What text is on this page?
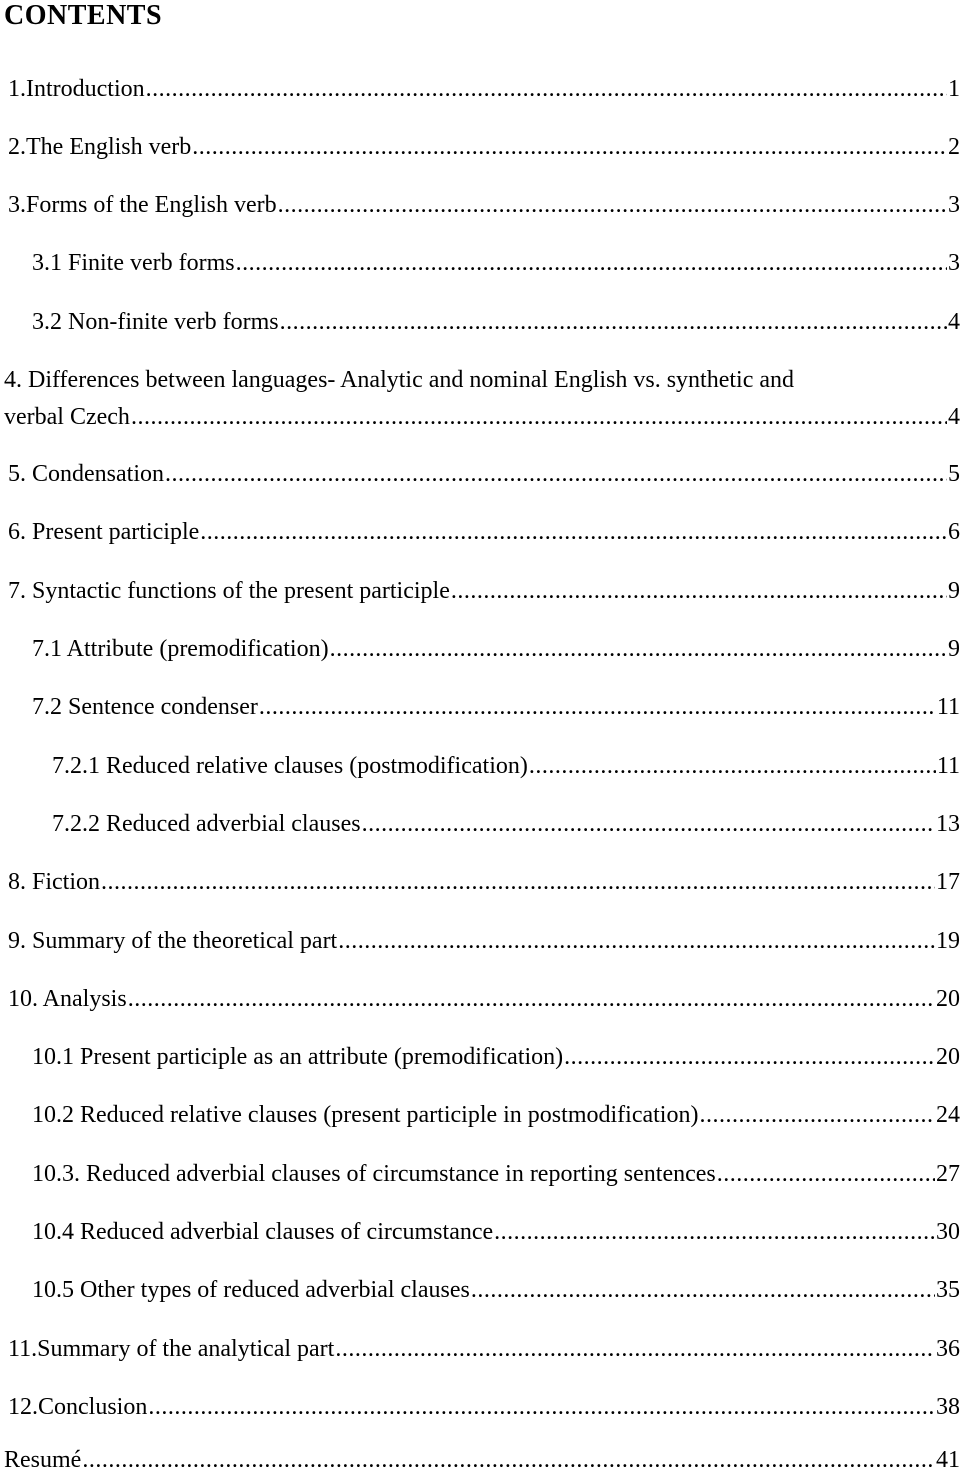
CONTENTS
1. Introduction .....	1
2. The English verb .....	2
3. Forms of the English verb .....	3
3.1 Finite verb forms .....	3
3.2 Non-finite verb forms .....	4
4. Differences between languages- Analytic and nominal English vs. synthetic and
verbal Czech .....	4
5. Condensation .....	5
6. Present participle .....	6
7. Syntactic functions of the present participle .....	9
7.1 Attribute (premodification) .....	9
7.2 Sentence condenser .....	11
7.2.1 Reduced relative clauses (postmodification) .....	11
7.2.2 Reduced adverbial clauses .....	13
8. Fiction .....	17
9. Summary of the theoretical part .....	19
10. Analysis .....	20
10.1 Present participle as an attribute (premodification) .....	20
10.2 Reduced relative clauses (present participle in postmodification) .....	24
10.3. Reduced adverbial clauses of circumstance in reporting sentences .....	27
10.4 Reduced adverbial clauses of circumstance .....	30
10.5 Other types of reduced adverbial clauses .....	35
11. Summary of the analytical part .....	36
12. Conclusion .....	38
Resumé .....	41
